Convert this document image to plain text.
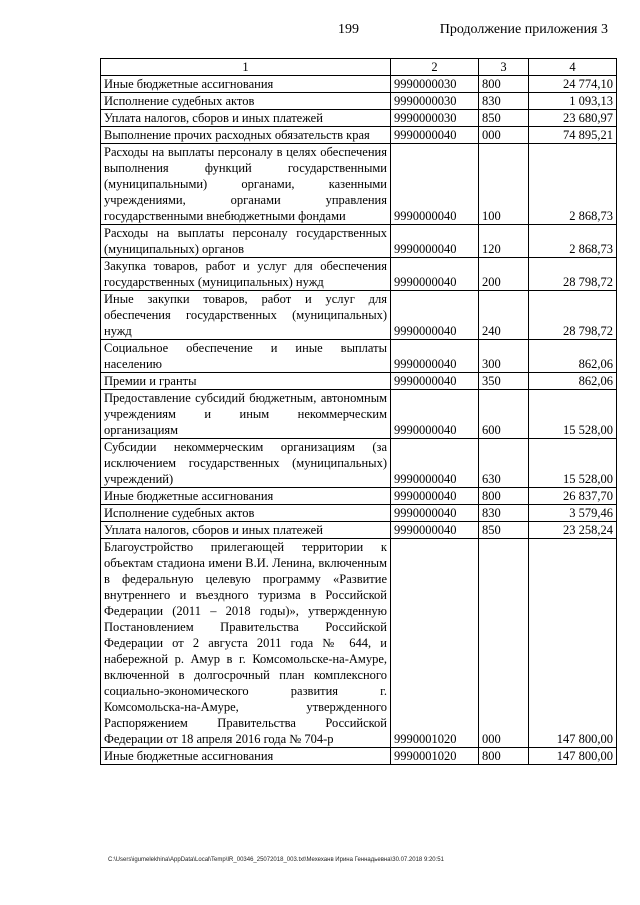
199	Продолжение приложения 3
1	2	3	4
Иные бюджетные ассигнования	9990000030	800	24 774,10
Исполнение судебных актов	9990000030	830	1 093,13
Уплата налогов, сборов и иных платежей	9990000030	850	23 680,97
Выполнение прочих расходных обязательств края	9990000040	000	74 895,21
Расходы на выплаты персоналу в целях обеспечения выполнения функций государственными (муниципальными) органами, казенными учреждениями, органами управления государственными внебюджетными фондами	9990000040	100	2 868,73
Расходы на выплаты персоналу государственных (муниципальных) органов	9990000040	120	2 868,73
Закупка товаров, работ и услуг для обеспечения государственных (муниципальных) нужд	9990000040	200	28 798,72
Иные закупки товаров, работ и услуг для обеспечения государственных (муниципальных) нужд	9990000040	240	28 798,72
Социальное обеспечение и иные выплаты населению	9990000040	300	862,06
Премии и гранты	9990000040	350	862,06
Предоставление субсидий бюджетным, автономным учреждениям и иным некоммерческим организациям	9990000040	600	15 528,00
Субсидии некоммерческим организациям (за исключением государственных (муниципальных) учреждений)	9990000040	630	15 528,00
Иные бюджетные ассигнования	9990000040	800	26 837,70
Исполнение судебных актов	9990000040	830	3 579,46
Уплата налогов, сборов и иных платежей	9990000040	850	23 258,24
Благоустройство прилегающей территории к объектам стадиона имени В.И. Ленина, включенным в федеральную целевую программу «Развитие внутреннего и въездного туризма в Российской Федерации (2011 – 2018 годы)», утвержденную Постановлением Правительства Российской Федерации от 2 августа 2011 года № 644, и набережной р. Амур в г. Комсомольске-на-Амуре, включенной в долгосрочный план комплексного социально-экономического развития г. Комсомольска-на-Амуре, утвержденного Распоряжением Правительства Российской Федерации от 18 апреля 2016 года № 704-р	9990001020	000	147 800,00
Иные бюджетные ассигнования	9990001020	800	147 800,00
C:\Users\igumelekhina\AppData\Local\Temp\IR_00346_25072018_003.txt\Мехеханв Ирина Геннадьевна\30.07.2018 9:20:51
